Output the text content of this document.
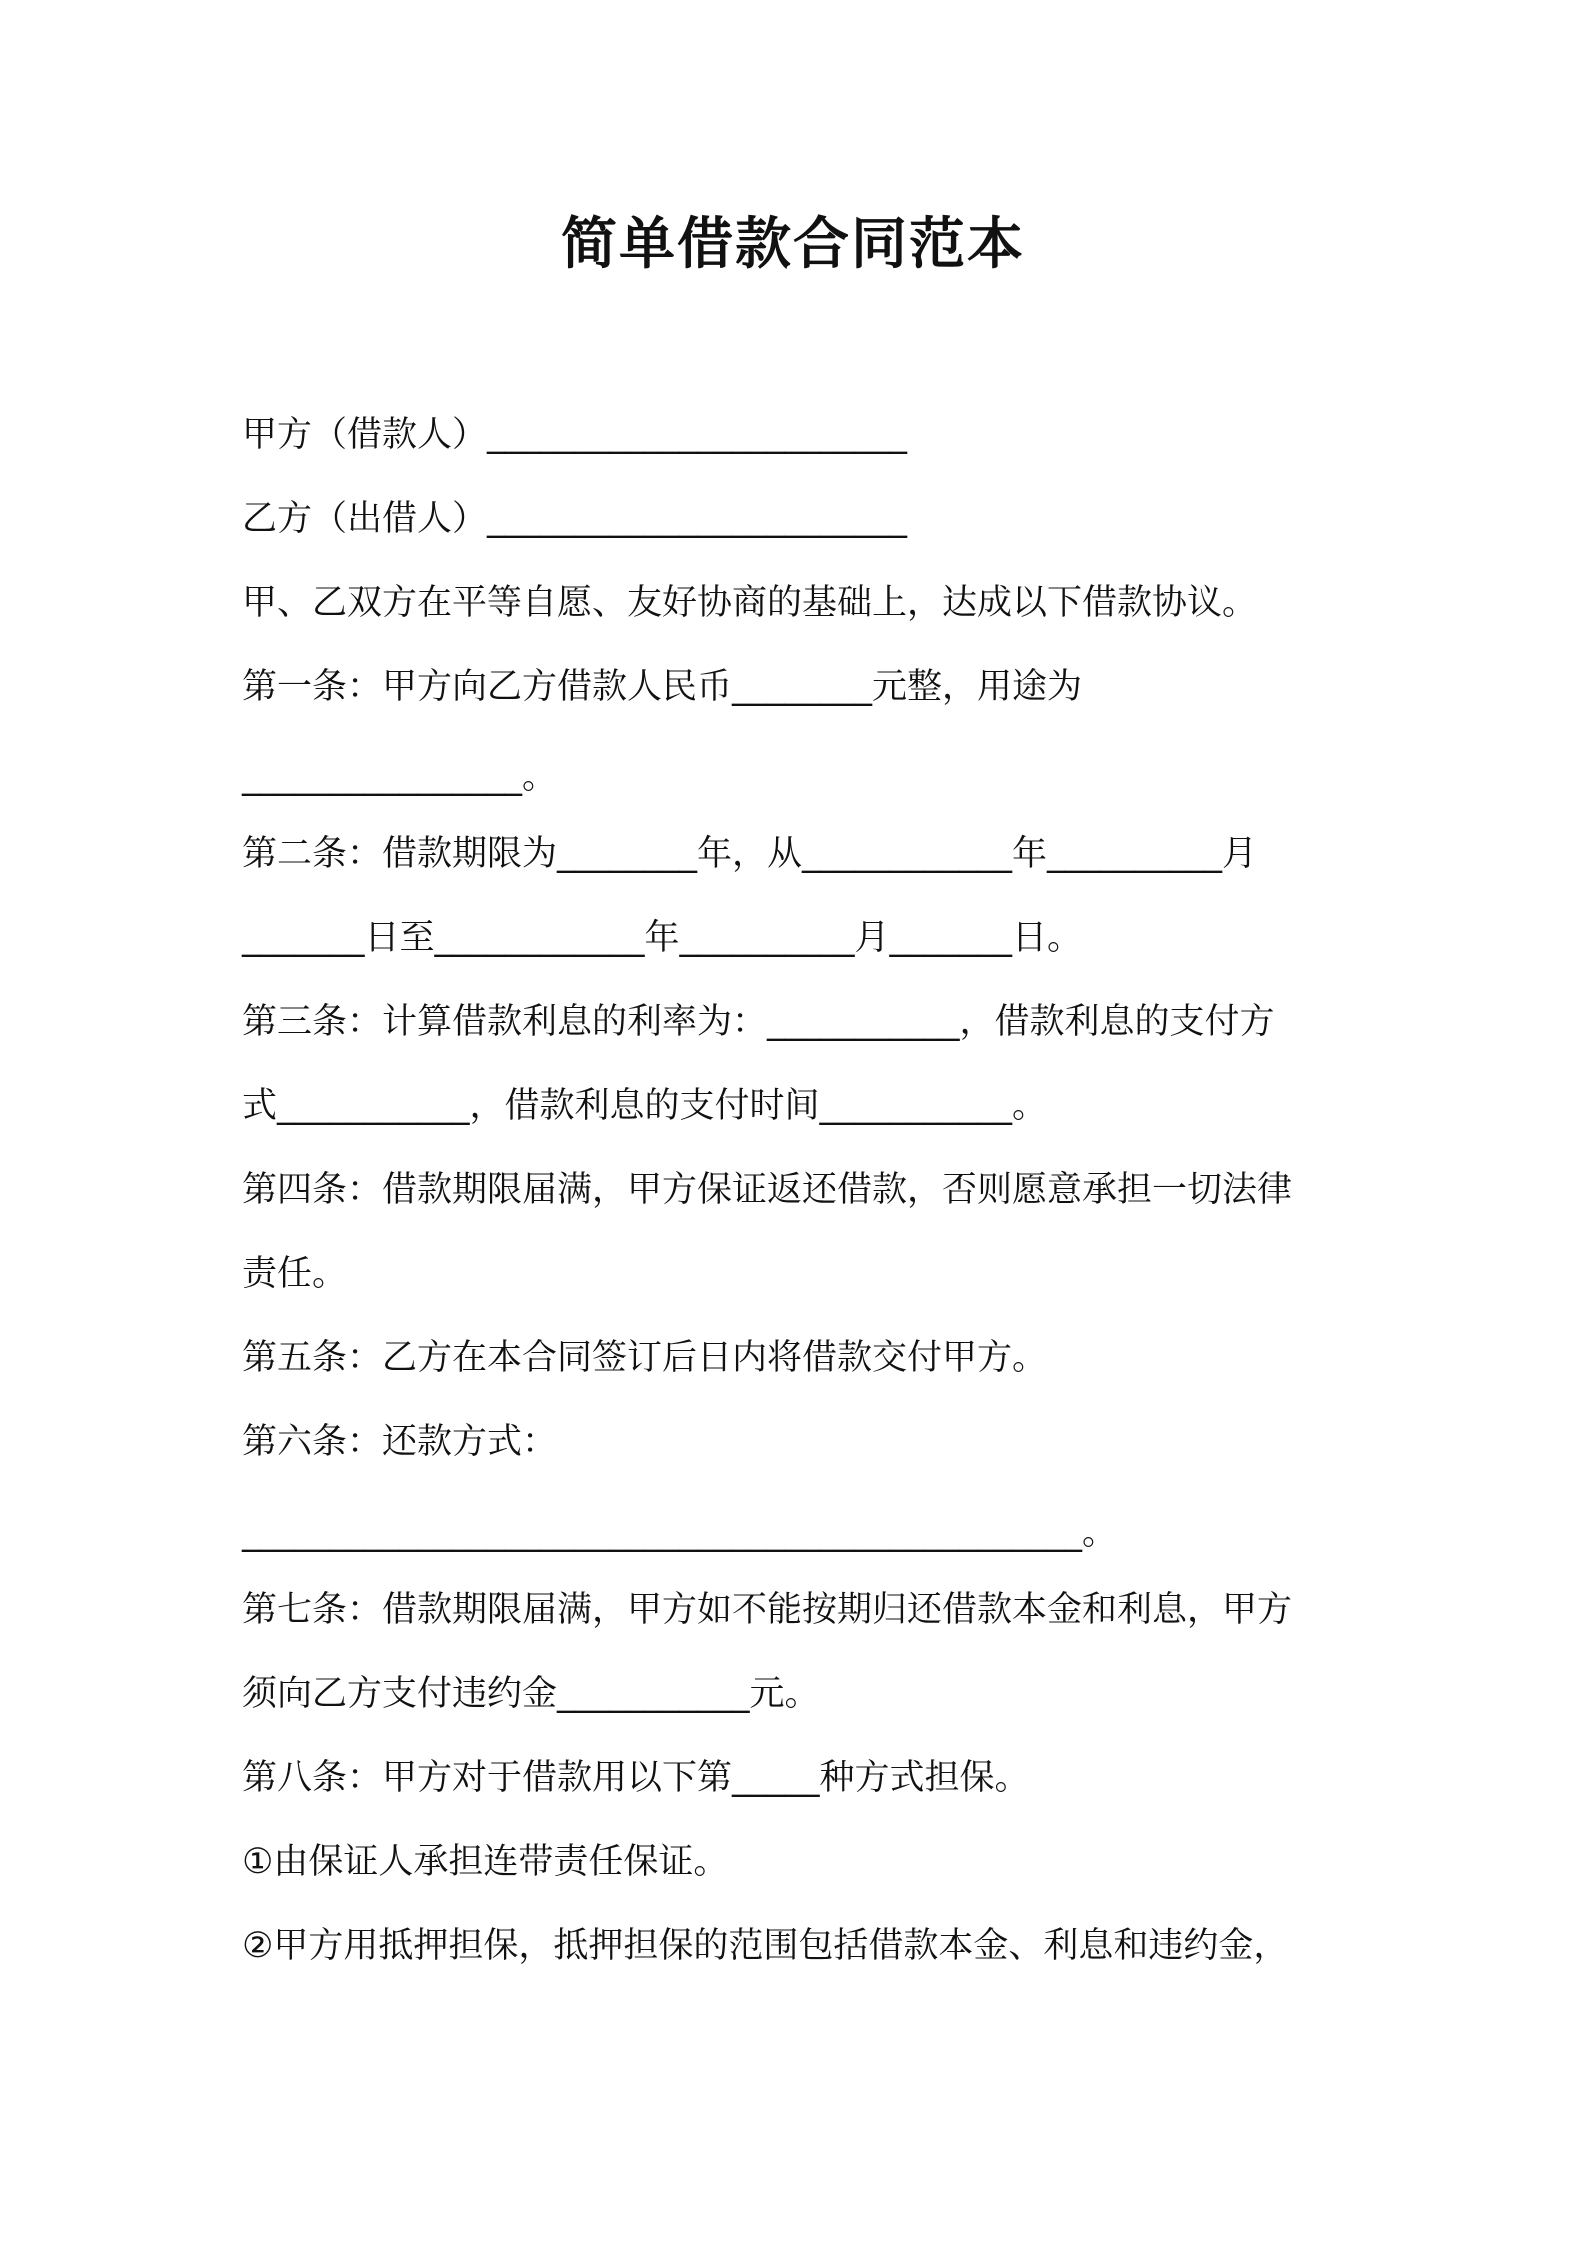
简单借款合同范本
甲方（借款人）________________________
乙方（出借人）________________________
甲、乙双方在平等自愿、友好协商的基础上，达成以下借款协议。
第一条：甲方向乙方借款人民币________元整，用途为
________________。
第二条：借款期限为________年，从____________年__________月
_______日至____________年__________月_______日。
第三条：计算借款利息的利率为：___________，借款利息的支付方
式___________，借款利息的支付时间___________。
第四条：借款期限届满，甲方保证返还借款，否则愿意承担一切法律
责任。
第五条：乙方在本合同签订后日内将借款交付甲方。
第六条：还款方式：
________________________________________________。
第七条：借款期限届满，甲方如不能按期归还借款本金和利息，甲方
须向乙方支付违约金___________元。
第八条：甲方对于借款用以下第_____种方式担保。
①由保证人承担连带责任保证。
②甲方用抵押担保，抵押担保的范围包括借款本金、利息和违约金，
